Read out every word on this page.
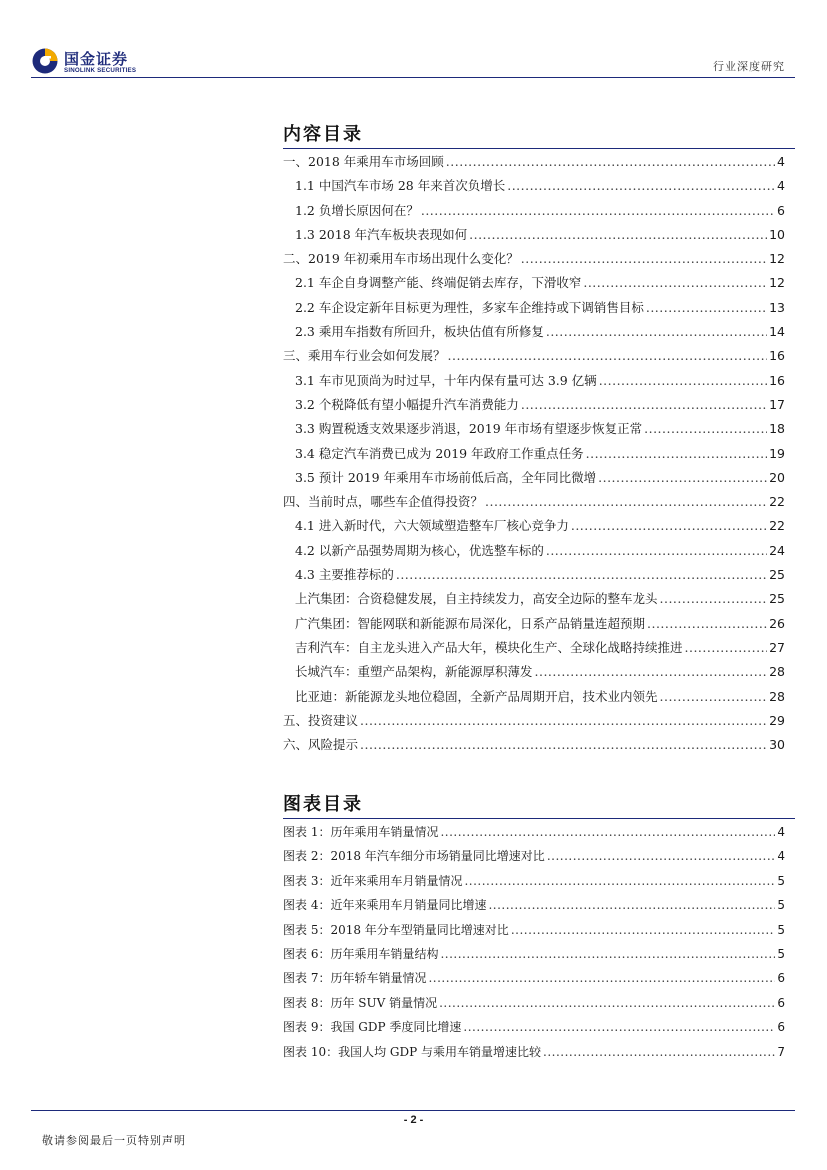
国金证券
SINOLINK SECURITIES	行业深度研究
内容目录
一、2018 年乘用车市场回顾 .....	4
1.1 中国汽车市场 28 年来首次负增长 .....	4
1.2 负增长原因何在？ .....	6
1.3 2018 年汽车板块表现如何 .....	10
二、2019 年初乘用车市场出现什么变化？ .....	12
2.1 车企自身调整产能、终端促销去库存，下滑收窄 .....	12
2.2 车企设定新年目标更为理性，多家车企维持或下调销售目标 .....	13
2.3 乘用车指数有所回升，板块估值有所修复 .....	14
三、乘用车行业会如何发展？ .....	16
3.1 车市见顶尚为时过早，十年内保有量可达 3.9 亿辆 .....	16
3.2 个税降低有望小幅提升汽车消费能力 .....	17
3.3 购置税透支效果逐步消退，2019 年市场有望逐步恢复正常 .....	18
3.4 稳定汽车消费已成为 2019 年政府工作重点任务 .....	19
3.5 预计 2019 年乘用车市场前低后高，全年同比微增 .....	20
四、当前时点，哪些车企值得投资？ .....	22
4.1 进入新时代，六大领域塑造整车厂核心竞争力 .....	22
4.2 以新产品强势周期为核心，优选整车标的 .....	24
4.3 主要推荐标的 .....	25
上汽集团：合资稳健发展，自主持续发力，高安全边际的整车龙头 .....	25
广汽集团：智能网联和新能源布局深化，日系产品销量连超预期 .....	26
吉利汽车：自主龙头进入产品大年，模块化生产、全球化战略持续推进 .....	27
长城汽车：重塑产品架构，新能源厚积薄发 .....	28
比亚迪：新能源龙头地位稳固，全新产品周期开启，技术业内领先 .....	28
五、投资建议 .....	29
六、风险提示 .....	30
图表目录
图表 1：历年乘用车销量情况 .....	4
图表 2：2018 年汽车细分市场销量同比增速对比 .....	4
图表 3：近年来乘用车月销量情况 .....	5
图表 4：近年来乘用车月销量同比增速 .....	5
图表 5：2018 年分车型销量同比增速对比 .....	5
图表 6：历年乘用车销量结构 .....	5
图表 7：历年轿车销量情况 .....	6
图表 8：历年 SUV 销量情况 .....	6
图表 9：我国 GDP 季度同比增速 .....	6
图表 10：我国人均 GDP 与乘用车销量增速比较 .....	7
- 2 -
敬请参阅最后一页特别声明
